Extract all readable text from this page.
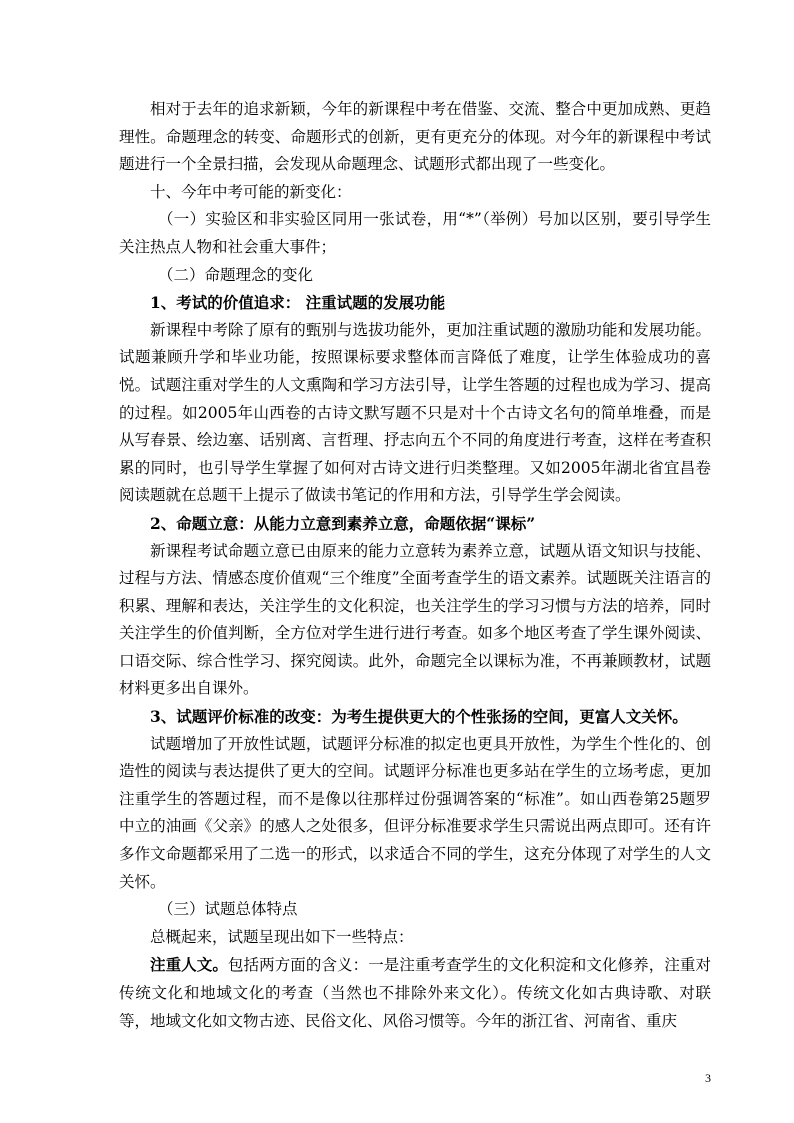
相对于去年的追求新颖，今年的新课程中考在借鉴、交流、整合中更加成熟、更趋理性。命题理念的转变、命题形式的创新，更有更充分的体现。对今年的新课程中考试题进行一个全景扫描，会发现从命题理念、试题形式都出现了一些变化。

十、今年中考可能的新变化：

（一）实验区和非实验区同用一张试卷，用“*”（举例）号加以区别，要引导学生关注热点人物和社会重大事件；

（二）命题理念的变化

1、考试的价值追求： 注重试题的发展功能

新课程中考除了原有的甄别与选拔功能外，更加注重试题的激励功能和发展功能。试题兼顾升学和毕业功能，按照课标要求整体而言降低了难度，让学生体验成功的喜悦。试题注重对学生的人文熏陶和学习方法引导，让学生答题的过程也成为学习、提高的过程。如2005年山西卷的古诗文默写题不只是对十个古诗文名句的简单堆叠，而是从写春景、绘边塞、话别离、言哲理、抒志向五个不同的角度进行考查，这样在考查积累的同时，也引导学生掌握了如何对古诗文进行归类整理。又如2005年湖北省宜昌卷阅读题就在总题干上提示了做读书笔记的作用和方法，引导学生学会阅读。

2、命题立意：从能力立意到素养立意，命题依据“课标”

新课程考试命题立意已由原来的能力立意转为素养立意，试题从语文知识与技能、过程与方法、情感态度价值观“三个维度”全面考查学生的语文素养。试题既关注语言的积累、理解和表达，关注学生的文化积淀，也关注学生的学习习惯与方法的培养，同时关注学生的价值判断，全方位对学生进行进行考查。如多个地区考查了学生课外阅读、口语交际、综合性学习、探究阅读。此外，命题完全以课标为准，不再兼顾教材，试题材料更多出自课外。

3、试题评价标准的改变：为考生提供更大的个性张扬的空间，更富人文关怀。

试题增加了开放性试题，试题评分标准的拟定也更具开放性，为学生个性化的、创造性的阅读与表达提供了更大的空间。试题评分标准也更多站在学生的立场考虑，更加注重学生的答题过程，而不是像以往那样过份强调答案的“标准”。如山西卷第25题罗中立的油画《父亲》的感人之处很多，但评分标准要求学生只需说出两点即可。还有许多作文命题都采用了二选一的形式，以求适合不同的学生，这充分体现了对学生的人文关怀。

（三）试题总体特点

总概起来，试题呈现出如下一些特点：

注重人文。包括两方面的含义：一是注重考查学生的文化积淀和文化修养，注重对传统文化和地域文化的考查（当然也不排除外来文化）。传统文化如古典诗歌、对联等，地域文化如文物古迹、民俗文化、风俗习惯等。今年的浙江省、河南省、重庆

3
